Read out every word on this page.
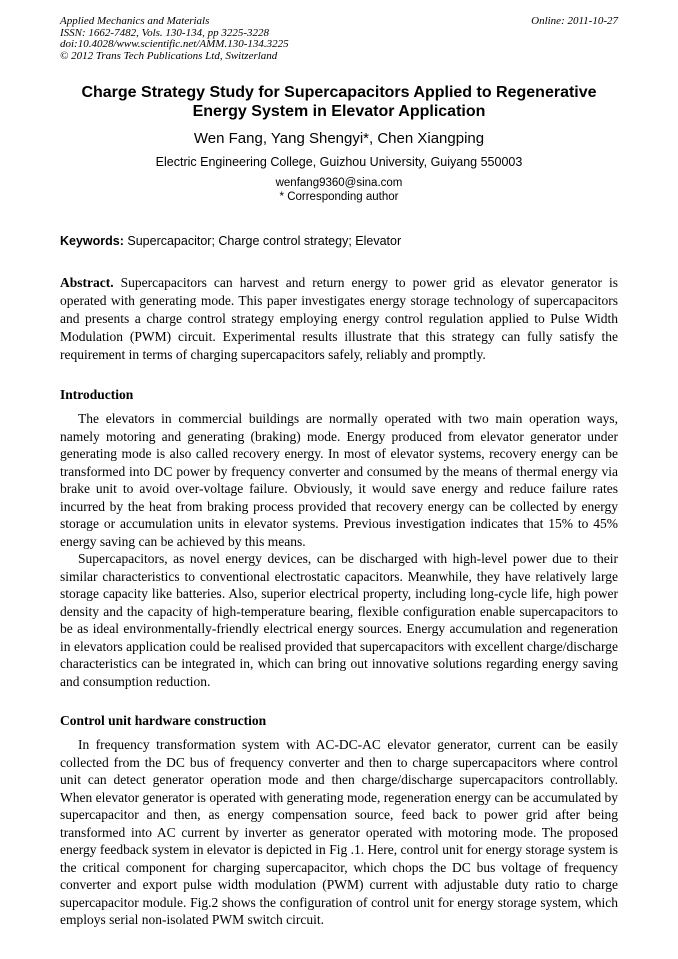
Applied Mechanics and Materials	Online: 2011-10-27
ISSN: 1662-7482, Vols. 130-134, pp 3225-3228
doi:10.4028/www.scientific.net/AMM.130-134.3225
© 2012 Trans Tech Publications Ltd, Switzerland
Charge Strategy Study for Supercapacitors Applied to Regenerative Energy System in Elevator Application
Wen Fang, Yang Shengyi*, Chen Xiangping
Electric Engineering College, Guizhou University, Guiyang 550003
wenfang9360@sina.com
* Corresponding author
Keywords: Supercapacitor; Charge control strategy; Elevator
Abstract. Supercapacitors can harvest and return energy to power grid as elevator generator is operated with generating mode. This paper investigates energy storage technology of supercapacitors and presents a charge control strategy employing energy control regulation applied to Pulse Width Modulation (PWM) circuit. Experimental results illustrate that this strategy can fully satisfy the requirement in terms of charging supercapacitors safely, reliably and promptly.
Introduction

The elevators in commercial buildings are normally operated with two main operation ways, namely motoring and generating (braking) mode. Energy produced from elevator generator under generating mode is also called recovery energy. In most of elevator systems, recovery energy can be transformed into DC power by frequency converter and consumed by the means of thermal energy via brake unit to avoid over-voltage failure. Obviously, it would save energy and reduce failure rates incurred by the heat from braking process provided that recovery energy can be collected by energy storage or accumulation units in elevator systems. Previous investigation indicates that 15% to 45% energy saving can be achieved by this means.

Supercapacitors, as novel energy devices, can be discharged with high-level power due to their similar characteristics to conventional electrostatic capacitors. Meanwhile, they have relatively large storage capacity like batteries. Also, superior electrical property, including long-cycle life, high power density and the capacity of high-temperature bearing, flexible configuration enable supercapacitors to be as ideal environmentally-friendly electrical energy sources. Energy accumulation and regeneration in elevators application could be realised provided that supercapacitors with excellent charge/discharge characteristics can be integrated in, which can bring out innovative solutions regarding energy saving and consumption reduction.

Control unit hardware construction

In frequency transformation system with AC-DC-AC elevator generator, current can be easily collected from the DC bus of frequency converter and then to charge supercapacitors where control unit can detect generator operation mode and then charge/discharge supercapacitors controllably. When elevator generator is operated with generating mode, regeneration energy can be accumulated by supercapacitor and then, as energy compensation source, feed back to power grid after being transformed into AC current by inverter as generator operated with motoring mode. The proposed energy feedback system in elevator is depicted in Fig .1. Here, control unit for energy storage system is the critical component for charging supercapacitor, which chops the DC bus voltage of frequency converter and export pulse width modulation (PWM) current with adjustable duty ratio to charge supercapacitor module. Fig.2 shows the configuration of control unit for energy storage system, which employs serial non-isolated PWM switch circuit.
